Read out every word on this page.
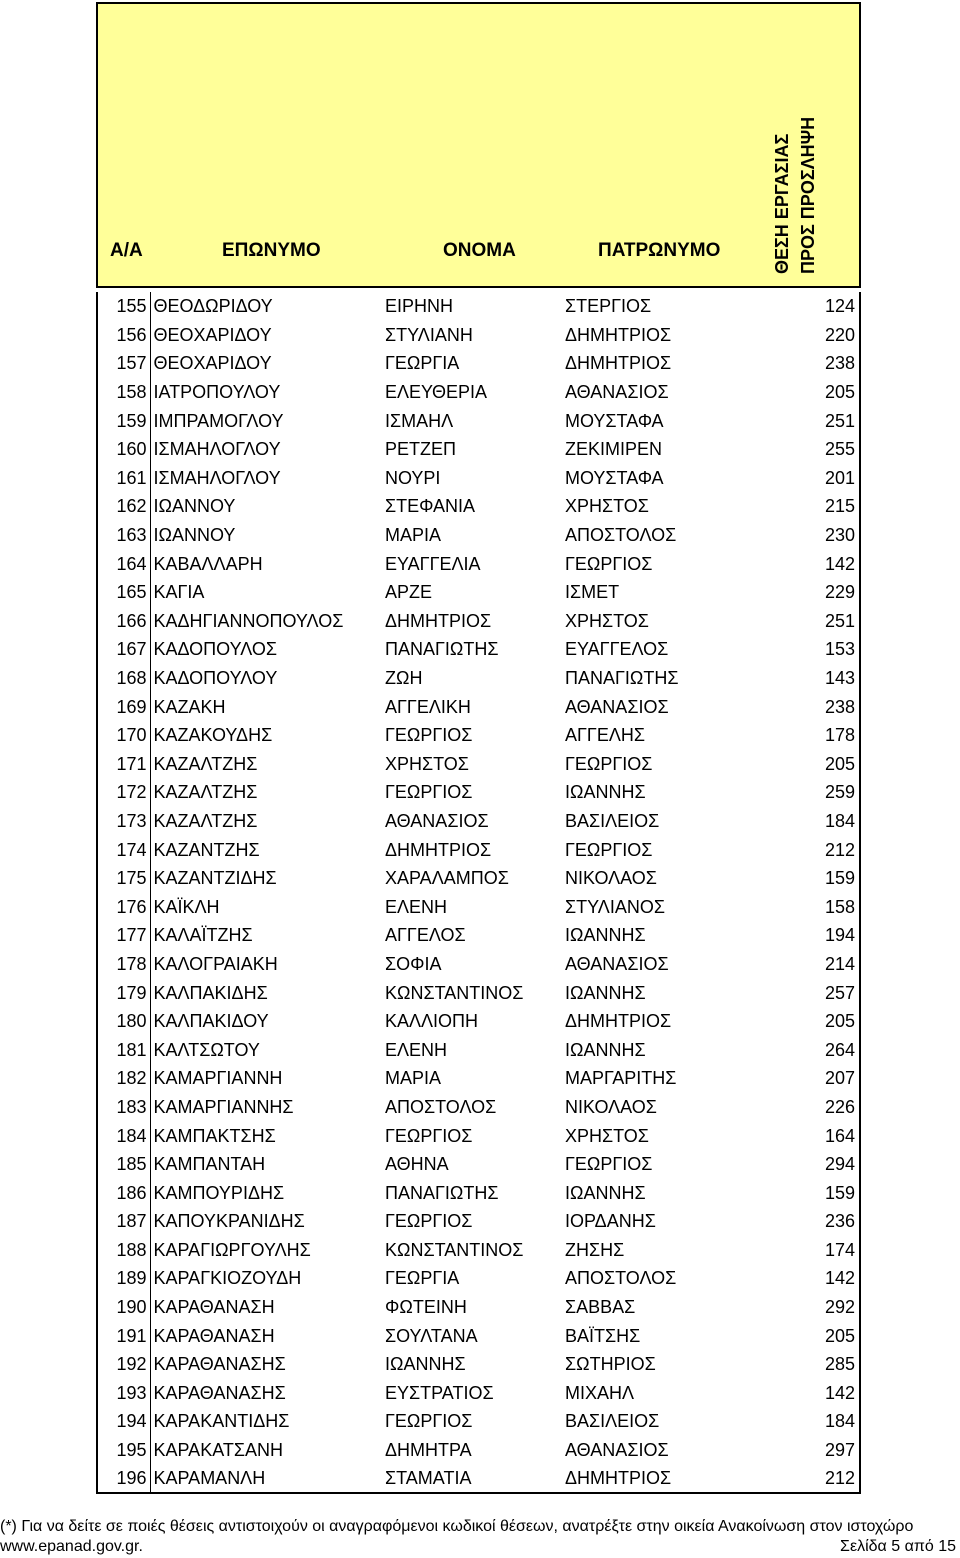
Α/Α	ΕΠΩΝΥΜΟ	ΟΝΟΜΑ	ΠΑΤΡΩΝΥΜΟ	ΘΕΣΗ ΕΡΓΑΣΙΑΣ ΠΡΟΣ ΠΡΟΣΛΗΨΗ
155	ΘΕΟΔΩΡΙΔΟΥ	ΕΙΡΗΝΗ	ΣΤΕΡΓΙΟΣ	124
156	ΘΕΟΧΑΡΙΔΟΥ	ΣΤΥΛΙΑΝΗ	ΔΗΜΗΤΡΙΟΣ	220
157	ΘΕΟΧΑΡΙΔΟΥ	ΓΕΩΡΓΙΑ	ΔΗΜΗΤΡΙΟΣ	238
158	ΙΑΤΡΟΠΟΥΛΟΥ	ΕΛΕΥΘΕΡΙΑ	ΑΘΑΝΑΣΙΟΣ	205
159	ΙΜΠΡΑΜΟΓΛΟΥ	ΙΣΜΑΗΛ	ΜΟΥΣΤΑΦΑ	251
160	ΙΣΜΑΗΛΟΓΛΟΥ	ΡΕΤΖΕΠ	ΖΕΚΙΜΙΡΕΝ	255
161	ΙΣΜΑΗΛΟΓΛΟΥ	ΝΟΥΡΙ	ΜΟΥΣΤΑΦΑ	201
162	ΙΩΑΝΝΟΥ	ΣΤΕΦΑΝΙΑ	ΧΡΗΣΤΟΣ	215
163	ΙΩΑΝΝΟΥ	ΜΑΡΙΑ	ΑΠΟΣΤΟΛΟΣ	230
164	ΚΑΒΑΛΛΑΡΗ	ΕΥΑΓΓΕΛΙΑ	ΓΕΩΡΓΙΟΣ	142
165	ΚΑΓΙΑ	ΑΡΖΕ	ΙΣΜΕΤ	229
166	ΚΑΔΗΓΙΑΝΝΟΠΟΥΛΟΣ	ΔΗΜΗΤΡΙΟΣ	ΧΡΗΣΤΟΣ	251
167	ΚΑΔΟΠΟΥΛΟΣ	ΠΑΝΑΓΙΩΤΗΣ	ΕΥΑΓΓΕΛΟΣ	153
168	ΚΑΔΟΠΟΥΛΟΥ	ΖΩΗ	ΠΑΝΑΓΙΩΤΗΣ	143
169	ΚΑΖΑΚΗ	ΑΓΓΕΛΙΚΗ	ΑΘΑΝΑΣΙΟΣ	238
170	ΚΑΖΑΚΟΥΔΗΣ	ΓΕΩΡΓΙΟΣ	ΑΓΓΕΛΗΣ	178
171	ΚΑΖΑΛΤΖΗΣ	ΧΡΗΣΤΟΣ	ΓΕΩΡΓΙΟΣ	205
172	ΚΑΖΑΛΤΖΗΣ	ΓΕΩΡΓΙΟΣ	ΙΩΑΝΝΗΣ	259
173	ΚΑΖΑΛΤΖΗΣ	ΑΘΑΝΑΣΙΟΣ	ΒΑΣΙΛΕΙΟΣ	184
174	ΚΑΖΑΝΤΖΗΣ	ΔΗΜΗΤΡΙΟΣ	ΓΕΩΡΓΙΟΣ	212
175	ΚΑΖΑΝΤΖΙΔΗΣ	ΧΑΡΑΛΑΜΠΟΣ	ΝΙΚΟΛΑΟΣ	159
176	ΚΑΪΚΛΗ	ΕΛΕΝΗ	ΣΤΥΛΙΑΝΟΣ	158
177	ΚΑΛΑΪΤΖΗΣ	ΑΓΓΕΛΟΣ	ΙΩΑΝΝΗΣ	194
178	ΚΑΛΟΓΡΑΙΑΚΗ	ΣΟΦΙΑ	ΑΘΑΝΑΣΙΟΣ	214
179	ΚΑΛΠΑΚΙΔΗΣ	ΚΩΝΣΤΑΝΤΙΝΟΣ	ΙΩΑΝΝΗΣ	257
180	ΚΑΛΠΑΚΙΔΟΥ	ΚΑΛΛΙΟΠΗ	ΔΗΜΗΤΡΙΟΣ	205
181	ΚΑΛΤΣΩΤΟΥ	ΕΛΕΝΗ	ΙΩΑΝΝΗΣ	264
182	ΚΑΜΑΡΓΙΑΝΝΗ	ΜΑΡΙΑ	ΜΑΡΓΑΡΙΤΗΣ	207
183	ΚΑΜΑΡΓΙΑΝΝΗΣ	ΑΠΟΣΤΟΛΟΣ	ΝΙΚΟΛΑΟΣ	226
184	ΚΑΜΠΑΚΤΣΗΣ	ΓΕΩΡΓΙΟΣ	ΧΡΗΣΤΟΣ	164
185	ΚΑΜΠΑΝΤΑΗ	ΑΘΗΝΑ	ΓΕΩΡΓΙΟΣ	294
186	ΚΑΜΠΟΥΡΙΔΗΣ	ΠΑΝΑΓΙΩΤΗΣ	ΙΩΑΝΝΗΣ	159
187	ΚΑΠΟΥΚΡΑΝΙΔΗΣ	ΓΕΩΡΓΙΟΣ	ΙΟΡΔΑΝΗΣ	236
188	ΚΑΡΑΓΙΩΡΓΟΥΛΗΣ	ΚΩΝΣΤΑΝΤΙΝΟΣ	ΖΗΣΗΣ	174
189	ΚΑΡΑΓΚΙΟΖΟΥΔΗ	ΓΕΩΡΓΙΑ	ΑΠΟΣΤΟΛΟΣ	142
190	ΚΑΡΑΘΑΝΑΣΗ	ΦΩΤΕΙΝΗ	ΣΑΒΒΑΣ	292
191	ΚΑΡΑΘΑΝΑΣΗ	ΣΟΥΛΤΑΝΑ	ΒΑΪΤΣΗΣ	205
192	ΚΑΡΑΘΑΝΑΣΗΣ	ΙΩΑΝΝΗΣ	ΣΩΤΗΡΙΟΣ	285
193	ΚΑΡΑΘΑΝΑΣΗΣ	ΕΥΣΤΡΑΤΙΟΣ	ΜΙΧΑΗΛ	142
194	ΚΑΡΑΚΑΝΤΙΔΗΣ	ΓΕΩΡΓΙΟΣ	ΒΑΣΙΛΕΙΟΣ	184
195	ΚΑΡΑΚΑΤΣΑΝΗ	ΔΗΜΗΤΡΑ	ΑΘΑΝΑΣΙΟΣ	297
196	ΚΑΡΑΜΑΝΛΗ	ΣΤΑΜΑΤΙΑ	ΔΗΜΗΤΡΙΟΣ	212
(*) Για να δείτε σε ποιές θέσεις αντιστοιχούν οι αναγραφόμενοι κωδικοί θέσεων, ανατρέξτε στην οικεία Ανακοίνωση στον ιστοχώρο
www.epanad.gov.gr.	Σελίδα 5 από 15
